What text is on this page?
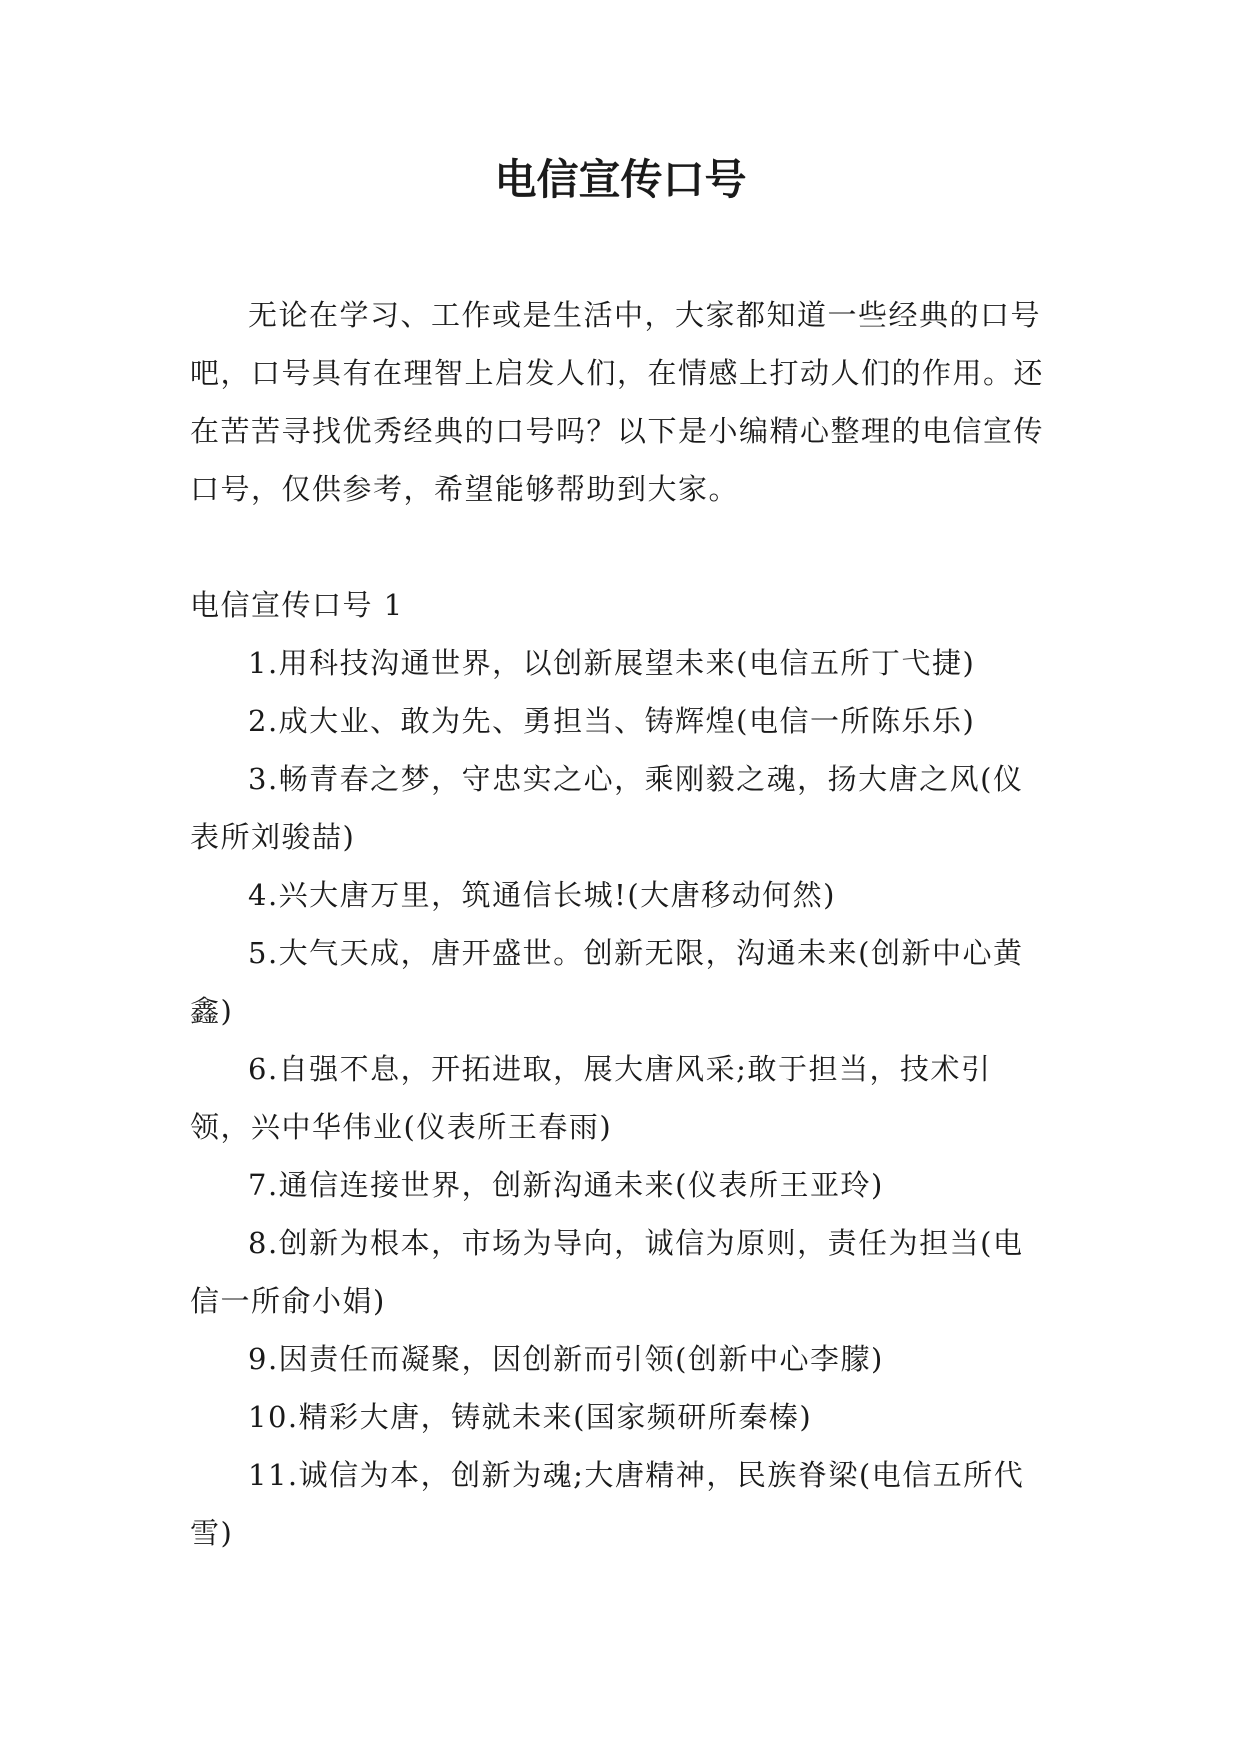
电信宣传口号

无论在学习、工作或是生活中，大家都知道一些经典的口号吧，口号具有在理智上启发人们，在情感上打动人们的作用。还在苦苦寻找优秀经典的口号吗？以下是小编精心整理的电信宣传口号，仅供参考，希望能够帮助到大家。

电信宣传口号 1

1.用科技沟通世界，以创新展望未来(电信五所丁弋捷)

2.成大业、敢为先、勇担当、铸辉煌(电信一所陈乐乐)

3.畅青春之梦，守忠实之心，乘刚毅之魂，扬大唐之风(仪表所刘骏喆)

4.兴大唐万里，筑通信长城!(大唐移动何然)

5.大气天成，唐开盛世。创新无限，沟通未来(创新中心黄鑫)

6.自强不息，开拓进取，展大唐风采;敢于担当，技术引领，兴中华伟业(仪表所王春雨)

7.通信连接世界，创新沟通未来(仪表所王亚玲)

8.创新为根本，市场为导向，诚信为原则，责任为担当(电信一所俞小娟)

9.因责任而凝聚，因创新而引领(创新中心李朦)

10.精彩大唐，铸就未来(国家频研所秦榛)

11.诚信为本，创新为魂;大唐精神，民族脊梁(电信五所代雪)
